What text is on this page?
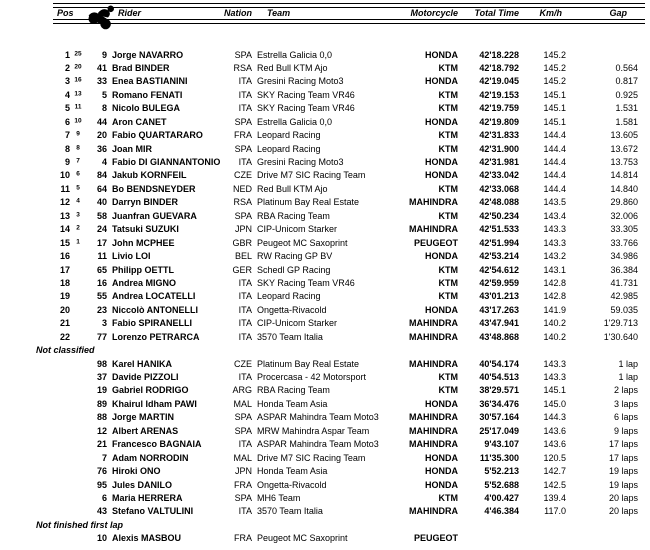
Pos	Rider	Nation	Team	Motorcycle	Total Time	Km/h	Gap
1 25	9 Jorge NAVARRO	SPA Estrella Galicia 0,0	HONDA	42'18.228	145.2
2 20	41 Brad BINDER	RSA Red Bull KTM Ajo	KTM	42'18.792	145.2	0.564
3 16	33 Enea BASTIANINI	ITA Gresini Racing Moto3	HONDA	42'19.045	145.2	0.817
4 13	5 Romano FENATI	ITA SKY Racing Team VR46	KTM	42'19.153	145.1	0.925
5 11	8 Nicolo BULEGA	ITA SKY Racing Team VR46	KTM	42'19.759	145.1	1.531
6 10	44 Aron CANET	SPA Estrella Galicia 0,0	HONDA	42'19.809	145.1	1.581
7 9	20 Fabio QUARTARARO	FRA Leopard Racing	KTM	42'31.833	144.4	13.605
8 8	36 Joan MIR	SPA Leopard Racing	KTM	42'31.900	144.4	13.672
9 7	4 Fabio DI GIANNANTONIO	ITA Gresini Racing Moto3	HONDA	42'31.981	144.4	13.753
10 6	84 Jakub KORNFEIL	CZE Drive M7 SIC Racing Team	HONDA	42'33.042	144.4	14.814
11 5	64 Bo BENDSNEYDER	NED Red Bull KTM Ajo	KTM	42'33.068	144.4	14.840
12 4	40 Darryn BINDER	RSA Platinum Bay Real Estate	MAHINDRA	42'48.088	143.5	29.860
13 3	58 Juanfran GUEVARA	SPA RBA Racing Team	KTM	42'50.234	143.4	32.006
14 2	24 Tatsuki SUZUKI	JPN CIP-Unicom Starker	MAHINDRA	42'51.533	143.3	33.305
15 1	17 John MCPHEE	GBR Peugeot MC Saxoprint	PEUGEOT	42'51.994	143.3	33.766
16	11 Livio LOI	BEL RW Racing GP BV	HONDA	42'53.214	143.2	34.986
17	65 Philipp OETTL	GER Schedl GP Racing	KTM	42'54.612	143.1	36.384
18	16 Andrea MIGNO	ITA SKY Racing Team VR46	KTM	42'59.959	142.8	41.731
19	55 Andrea LOCATELLI	ITA Leopard Racing	KTM	43'01.213	142.8	42.985
20	23 Niccolò ANTONELLI	ITA Ongetta-Rivacold	HONDA	43'17.263	141.9	59.035
21	3 Fabio SPIRANELLI	ITA CIP-Unicom Starker	MAHINDRA	43'47.941	140.2	1'29.713
22	77 Lorenzo PETRARCA	ITA 3570 Team Italia	MAHINDRA	43'48.868	140.2	1'30.640
Not classified
98 Karel HANIKA	CZE Platinum Bay Real Estate	MAHINDRA	40'54.174	143.3	1 lap
37 Davide PIZZOLI	ITA Procercasa - 42 Motorsport	KTM	40'54.513	143.3	1 lap
19 Gabriel RODRIGO	ARG RBA Racing Team	KTM	38'29.571	145.1	2 laps
89 Khairul Idham PAWI	MAL Honda Team Asia	HONDA	36'34.476	145.0	3 laps
88 Jorge MARTIN	SPA ASPAR Mahindra Team Moto3	MAHINDRA	30'57.164	144.3	6 laps
12 Albert ARENAS	SPA MRW Mahindra Aspar Team	MAHINDRA	25'17.049	143.6	9 laps
21 Francesco BAGNAIA	ITA ASPAR Mahindra Team Moto3	MAHINDRA	9'43.107	143.6	17 laps
7 Adam NORRODIN	MAL Drive M7 SIC Racing Team	HONDA	11'35.300	120.5	17 laps
76 Hiroki ONO	JPN Honda Team Asia	HONDA	5'52.213	142.7	19 laps
95 Jules DANILO	FRA Ongetta-Rivacold	HONDA	5'52.688	142.5	19 laps
6 Maria HERRERA	SPA MH6 Team	KTM	4'00.427	139.4	20 laps
43 Stefano VALTULINI	ITA 3570 Team Italia	MAHINDRA	4'46.384	117.0	20 laps
Not finished first lap
10 Alexis MASBOU	FRA Peugeot MC Saxoprint	PEUGEOT
